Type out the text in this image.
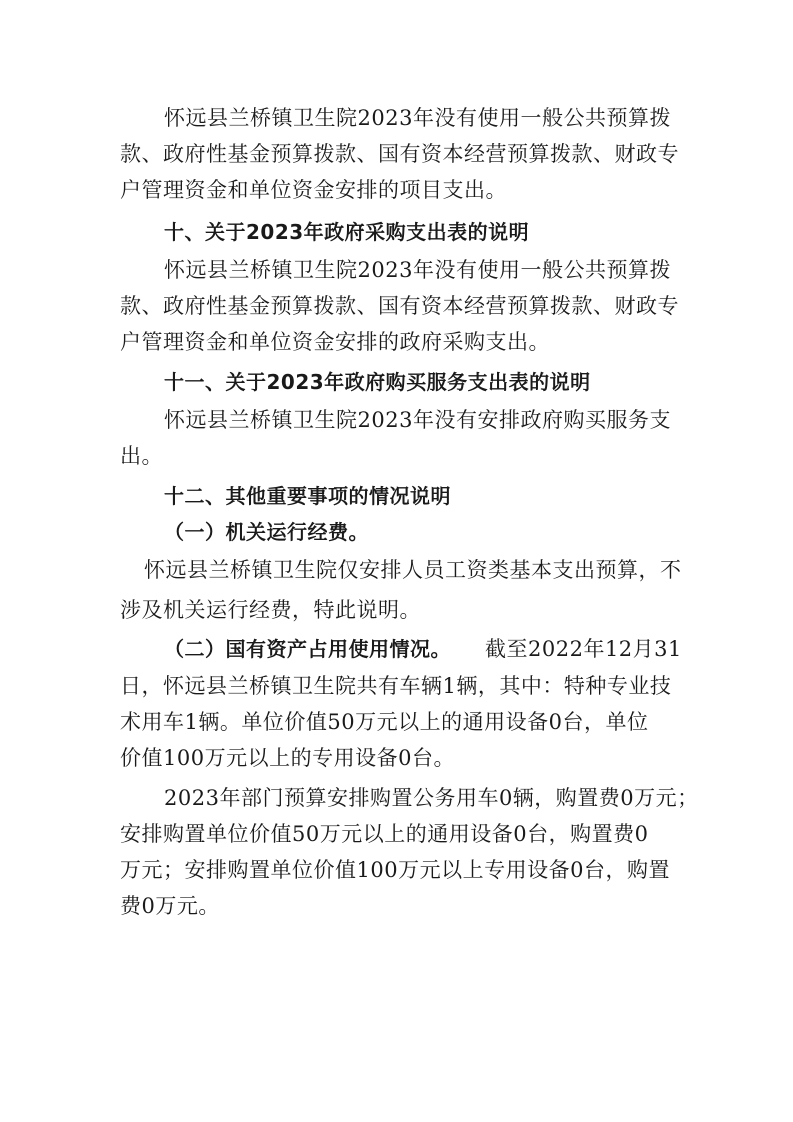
怀远县兰桥镇卫生院2023年没有使用一般公共预算拨
款、政府性基金预算拨款、国有资本经营预算拨款、财政专
户管理资金和单位资金安排的项目支出。
十、关于2023年政府采购支出表的说明
怀远县兰桥镇卫生院2023年没有使用一般公共预算拨
款、政府性基金预算拨款、国有资本经营预算拨款、财政专
户管理资金和单位资金安排的政府采购支出。
十一、关于2023年政府购买服务支出表的说明
怀远县兰桥镇卫生院2023年没有安排政府购买服务支
出。
十二、其他重要事项的情况说明
（一）机关运行经费。
怀远县兰桥镇卫生院仅安排人员工资类基本支出预算，不
涉及机关运行经费，特此说明。
（二）国有资产占用使用情况。 截至2022年12月31
日，怀远县兰桥镇卫生院共有车辆1辆，其中：特种专业技
术用车1辆。单位价值50万元以上的通用设备0台，单位
价值100万元以上的专用设备0台。
2023年部门预算安排购置公务用车0辆，购置费0万元；
安排购置单位价值50万元以上的通用设备0台，购置费0
万元；安排购置单位价值100万元以上专用设备0台，购置
费0万元。
